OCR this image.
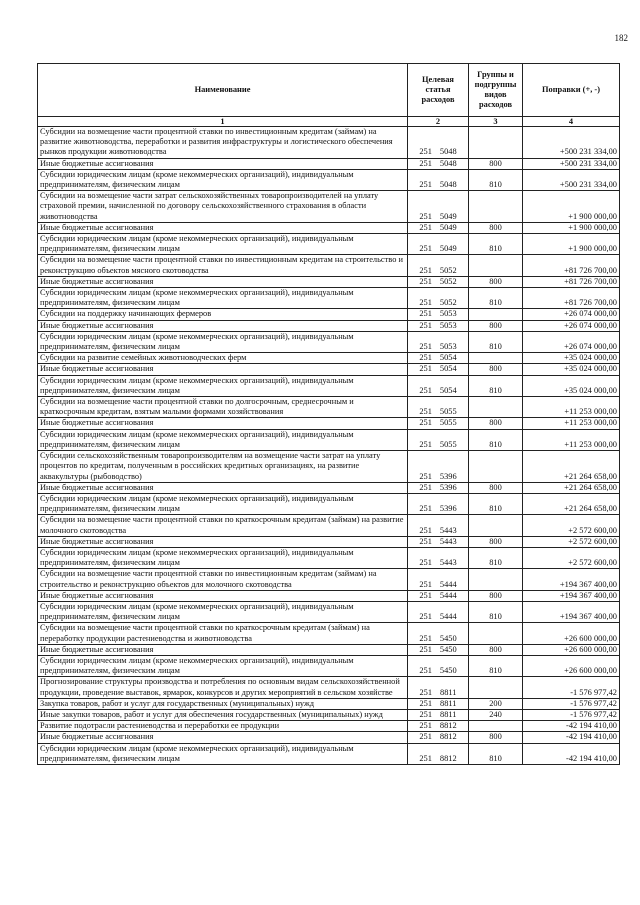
182
Наименование	Целевая статья расходов	Группы и подгруппы видов расходов	Поправки (+, -)
1	2	3	4
Субсидии на возмещение части процентной ставки по инвестиционным кредитам (займам) на развитие животноводства, переработки и развития инфраструктуры и логистического обеспечения рынков продукции животноводства	251 5048		+500 231 334,00
Иные бюджетные ассигнования	251 5048	800	+500 231 334,00
Субсидии юридическим лицам (кроме некоммерческих организаций), индивидуальным предпринимателям, физическим лицам	251 5048	810	+500 231 334,00
Субсидии на возмещение части затрат сельскохозяйственных товаропроизводителей на уплату страховой премии, начисленной по договору сельскохозяйственного страхования в области животноводства	251 5049		+1 900 000,00
Иные бюджетные ассигнования	251 5049	800	+1 900 000,00
Субсидии юридическим лицам (кроме некоммерческих организаций), индивидуальным предпринимателям, физическим лицам	251 5049	810	+1 900 000,00
Субсидии на возмещение части процентной ставки по инвестиционным кредитам на строительство и реконструкцию объектов мясного скотоводства	251 5052		+81 726 700,00
Иные бюджетные ассигнования	251 5052	800	+81 726 700,00
Субсидии юридическим лицам (кроме некоммерческих организаций), индивидуальным предпринимателям, физическим лицам	251 5052	810	+81 726 700,00
Субсидии на поддержку начинающих фермеров	251 5053		+26 074 000,00
Иные бюджетные ассигнования	251 5053	800	+26 074 000,00
Субсидии юридическим лицам (кроме некоммерческих организаций), индивидуальным предпринимателям, физическим лицам	251 5053	810	+26 074 000,00
Субсидии на развитие семейных животноводческих ферм	251 5054		+35 024 000,00
Иные бюджетные ассигнования	251 5054	800	+35 024 000,00
Субсидии юридическим лицам (кроме некоммерческих организаций), индивидуальным предпринимателям, физическим лицам	251 5054	810	+35 024 000,00
Субсидии на возмещение части процентной ставки по долгосрочным, среднесрочным и краткосрочным кредитам, взятым малыми формами хозяйствования	251 5055		+11 253 000,00
Иные бюджетные ассигнования	251 5055	800	+11 253 000,00
Субсидии юридическим лицам (кроме некоммерческих организаций), индивидуальным предпринимателям, физическим лицам	251 5055	810	+11 253 000,00
Субсидии сельскохозяйственным товаропроизводителям на возмещение части затрат на уплату процентов по кредитам, полученным в российских кредитных организациях, на развитие аквакультуры (рыбоводство)	251 5396		+21 264 658,00
Иные бюджетные ассигнования	251 5396	800	+21 264 658,00
Субсидии юридическим лицам (кроме некоммерческих организаций), индивидуальным предпринимателям, физическим лицам	251 5396	810	+21 264 658,00
Субсидии на возмещение части процентной ставки по краткосрочным кредитам (займам) на развитие молочного скотоводства	251 5443		+2 572 600,00
Иные бюджетные ассигнования	251 5443	800	+2 572 600,00
Субсидии юридическим лицам (кроме некоммерческих организаций), индивидуальным предпринимателям, физическим лицам	251 5443	810	+2 572 600,00
Субсидии на возмещение части процентной ставки по инвестиционным кредитам (займам) на строительство и реконструкцию объектов для молочного скотоводства	251 5444		+194 367 400,00
Иные бюджетные ассигнования	251 5444	800	+194 367 400,00
Субсидии юридическим лицам (кроме некоммерческих организаций), индивидуальным предпринимателям, физическим лицам	251 5444	810	+194 367 400,00
Субсидии на возмещение части процентной ставки по краткосрочным кредитам (займам) на переработку продукции растениеводства и животноводства	251 5450		+26 600 000,00
Иные бюджетные ассигнования	251 5450	800	+26 600 000,00
Субсидии юридическим лицам (кроме некоммерческих организаций), индивидуальным предпринимателям, физическим лицам	251 5450	810	+26 600 000,00
Прогнозирование структуры производства и потребления по основным видам сельскохозяйственной продукции, проведение выставок, ярмарок, конкурсов и других мероприятий в сельском хозяйстве	251 8811		-1 576 977,42
Закупка товаров, работ и услуг для государственных (муниципальных) нужд	251 8811	200	-1 576 977,42
Иные закупки товаров, работ и услуг для обеспечения государственных (муниципальных) нужд	251 8811	240	-1 576 977,42
Развитие подотрасли растениеводства и переработки ее продукции	251 8812		-42 194 410,00
Иные бюджетные ассигнования	251 8812	800	-42 194 410,00
Субсидии юридическим лицам (кроме некоммерческих организаций), индивидуальным предпринимателям, физическим лицам	251 8812	810	-42 194 410,00
